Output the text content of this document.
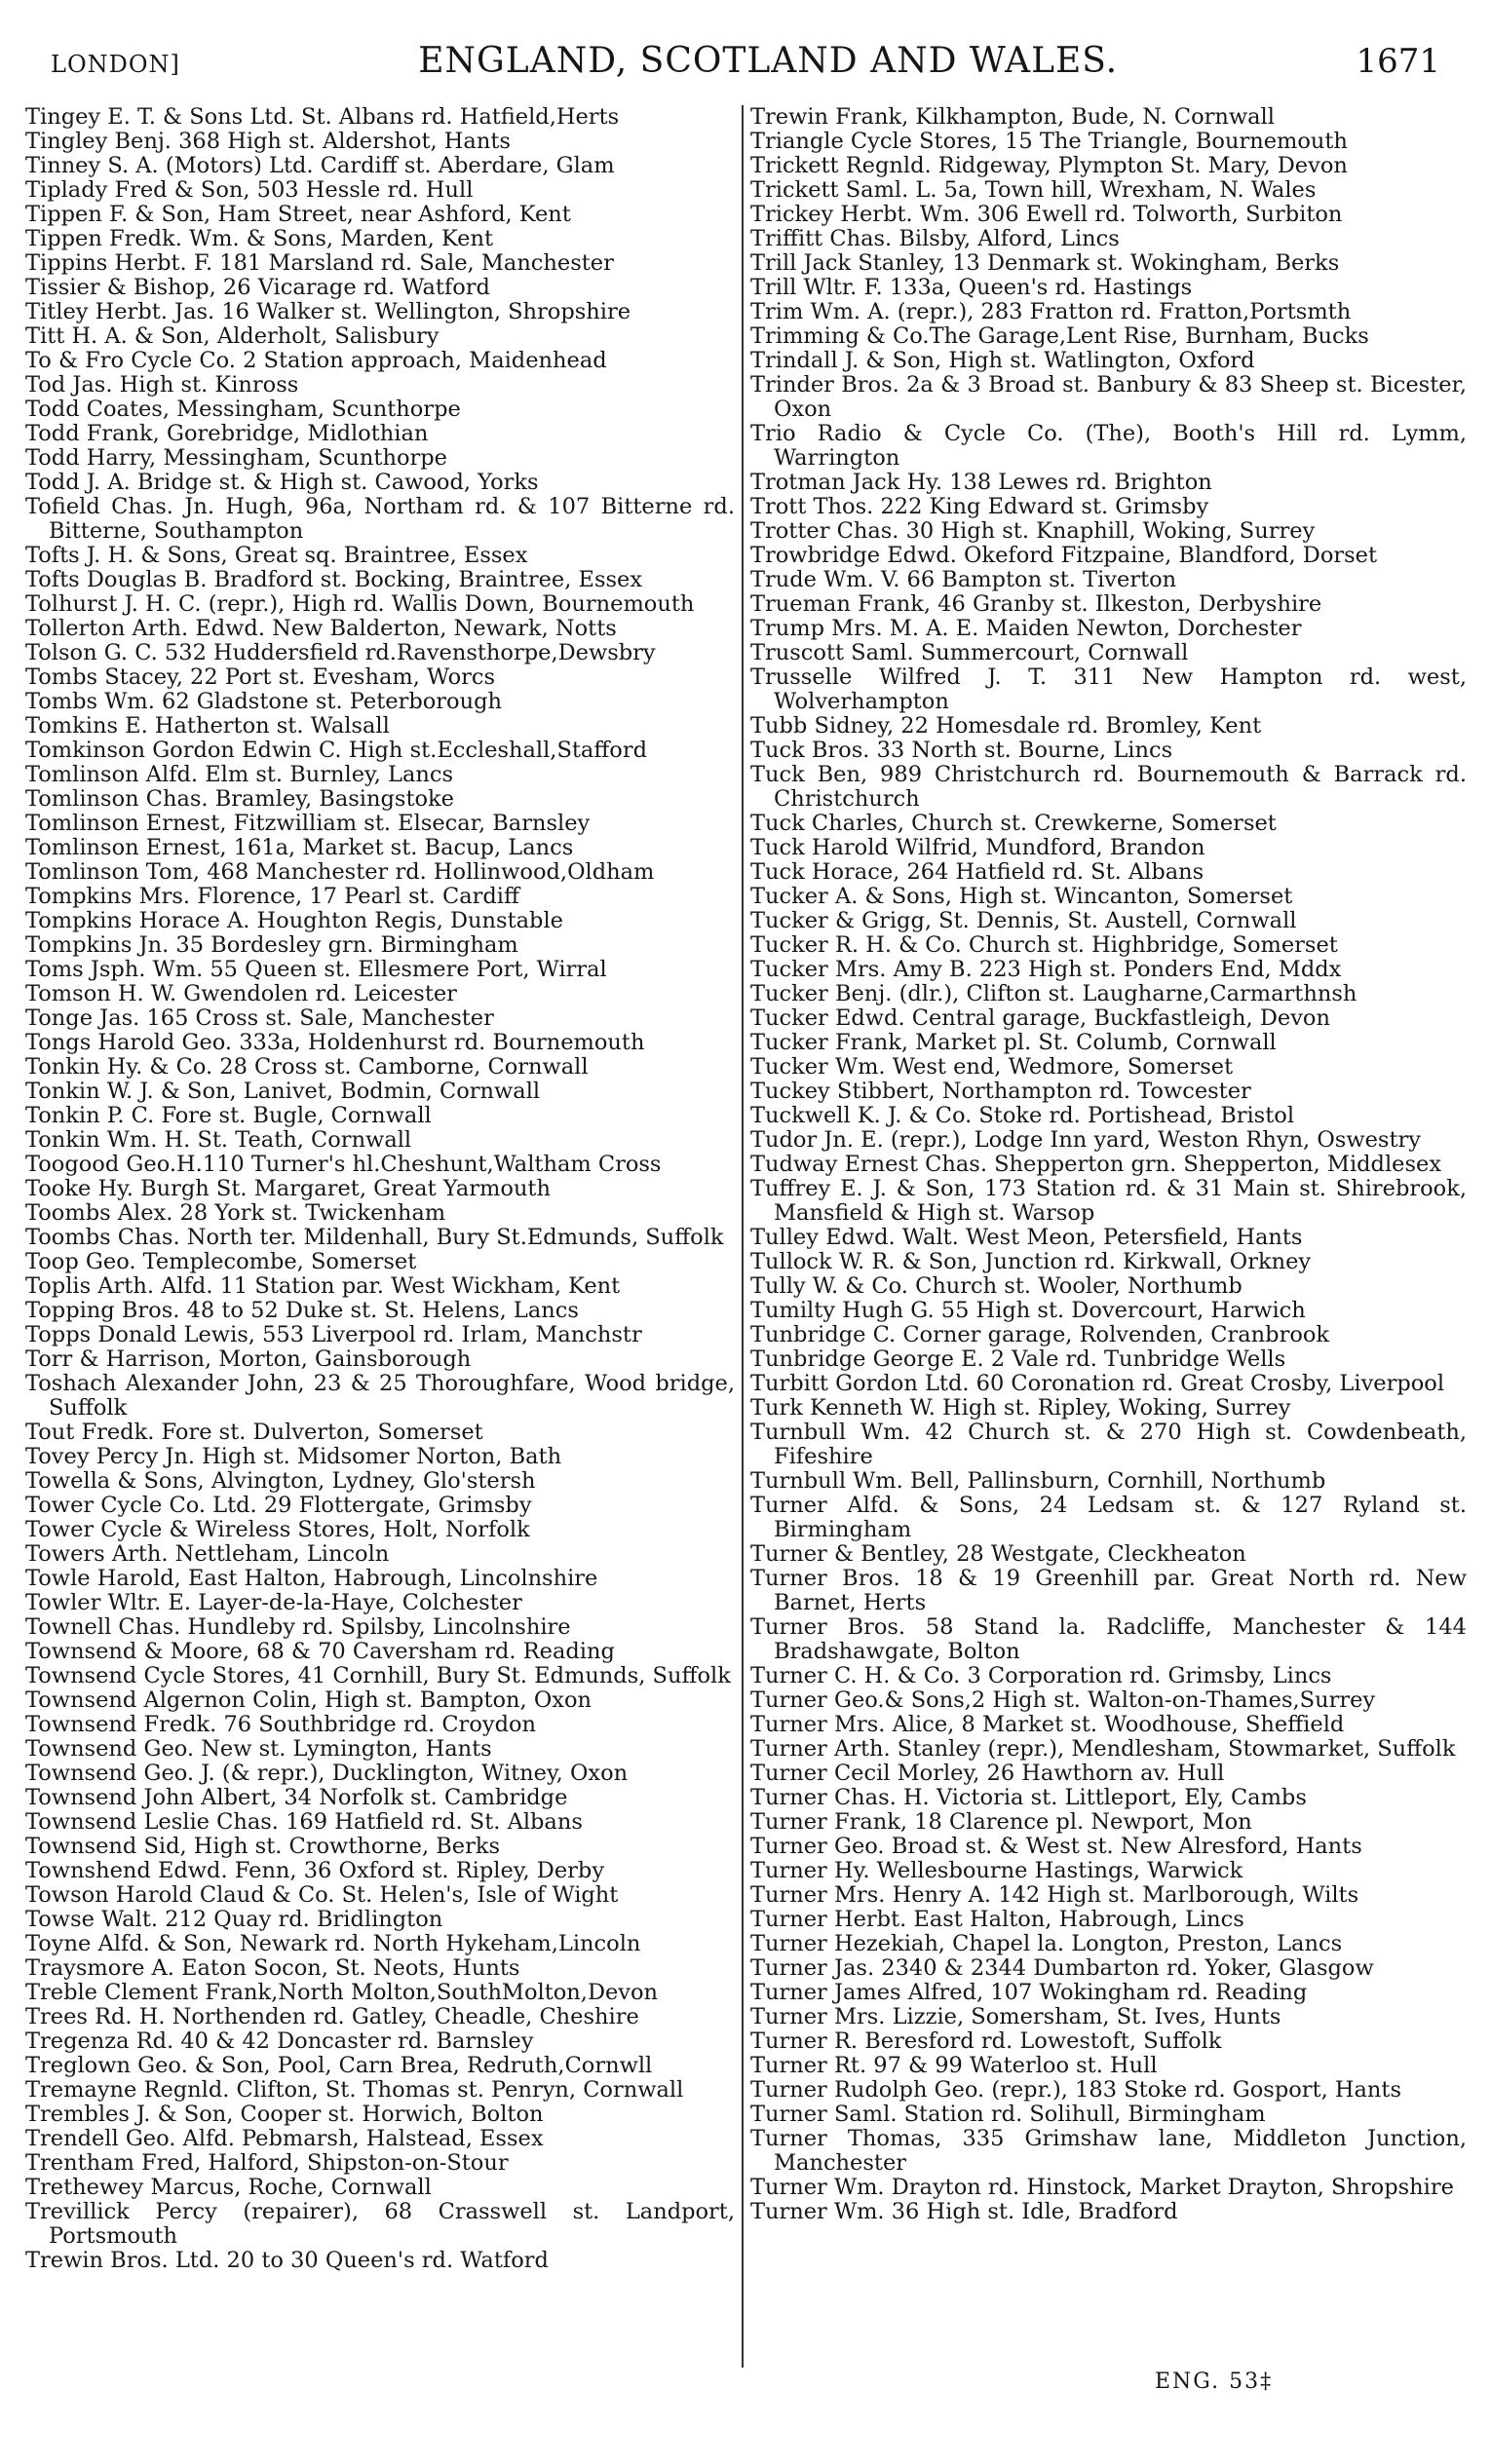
LONDON]	ENGLAND, SCOTLAND AND WALES.	1671
Tingey E. T. & Sons Ltd. St. Albans rd. Hatfield,Herts
Tingley Benj. 368 High st. Aldershot, Hants
Tinney S. A. (Motors) Ltd. Cardiff st. Aberdare, Glam
Tiplady Fred & Son, 503 Hessle rd. Hull
Tippen F. & Son, Ham Street, near Ashford, Kent
Tippen Fredk. Wm. & Sons, Marden, Kent
Tippins Herbt. F. 181 Marsland rd. Sale, Manchester
Tissier & Bishop, 26 Vicarage rd. Watford
Titley Herbt. Jas. 16 Walker st. Wellington, Shropshire
Titt H. A. & Son, Alderholt, Salisbury
To & Fro Cycle Co. 2 Station approach, Maidenhead
Tod Jas. High st. Kinross
Todd Coates, Messingham, Scunthorpe
Todd Frank, Gorebridge, Midlothian
Todd Harry, Messingham, Scunthorpe
Todd J. A. Bridge st. & High st. Cawood, Yorks
Tofield Chas. Jn. Hugh, 96a, Northam rd. & 107 Bitterne rd. Bitterne, Southampton
Tofts J. H. & Sons, Great sq. Braintree, Essex
Tofts Douglas B. Bradford st. Bocking, Braintree, Essex
Tolhurst J. H. C. (repr.), High rd. Wallis Down, Bournemouth
Tollerton Arth. Edwd. New Balderton, Newark, Notts
Tolson G. C. 532 Huddersfield rd.Ravensthorpe,Dewsbry
Tombs Stacey, 22 Port st. Evesham, Worcs
Tombs Wm. 62 Gladstone st. Peterborough
Tomkins E. Hatherton st. Walsall
Tomkinson Gordon Edwin C. High st.Eccleshall,Stafford
Tomlinson Alfd. Elm st. Burnley, Lancs
Tomlinson Chas. Bramley, Basingstoke
Tomlinson Ernest, Fitzwilliam st. Elsecar, Barnsley
Tomlinson Ernest, 161a, Market st. Bacup, Lancs
Tomlinson Tom, 468 Manchester rd. Hollinwood,Oldham
Tompkins Mrs. Florence, 17 Pearl st. Cardiff
Tompkins Horace A. Houghton Regis, Dunstable
Tompkins Jn. 35 Bordesley grn. Birmingham
Toms Jsph. Wm. 55 Queen st. Ellesmere Port, Wirral
Tomson H. W. Gwendolen rd. Leicester
Tonge Jas. 165 Cross st. Sale, Manchester
Tongs Harold Geo. 333a, Holdenhurst rd. Bournemouth
Tonkin Hy. & Co. 28 Cross st. Camborne, Cornwall
Tonkin W. J. & Son, Lanivet, Bodmin, Cornwall
Tonkin P. C. Fore st. Bugle, Cornwall
Tonkin Wm. H. St. Teath, Cornwall
Toogood Geo.H.110 Turner's hl.Cheshunt,Waltham Cross
Tooke Hy. Burgh St. Margaret, Great Yarmouth
Toombs Alex. 28 York st. Twickenham
Toombs Chas. North ter. Mildenhall, Bury St.Edmunds, Suffolk
Toop Geo. Templecombe, Somerset
Toplis Arth. Alfd. 11 Station par. West Wickham, Kent
Topping Bros. 48 to 52 Duke st. St. Helens, Lancs
Topps Donald Lewis, 553 Liverpool rd. Irlam, Manchstr
Torr & Harrison, Morton, Gainsborough
Toshach Alexander John, 23 & 25 Thoroughfare, Wood bridge, Suffolk
Tout Fredk. Fore st. Dulverton, Somerset
Tovey Percy Jn. High st. Midsomer Norton, Bath
Towella & Sons, Alvington, Lydney, Glo'stersh
Tower Cycle Co. Ltd. 29 Flottergate, Grimsby
Tower Cycle & Wireless Stores, Holt, Norfolk
Towers Arth. Nettleham, Lincoln
Towle Harold, East Halton, Habrough, Lincolnshire
Towler Wltr. E. Layer-de-la-Haye, Colchester
Townell Chas. Hundleby rd. Spilsby, Lincolnshire
Townsend & Moore, 68 & 70 Caversham rd. Reading
Townsend Cycle Stores, 41 Cornhill, Bury St. Edmunds, Suffolk
Townsend Algernon Colin, High st. Bampton, Oxon
Townsend Fredk. 76 Southbridge rd. Croydon
Townsend Geo. New st. Lymington, Hants
Townsend Geo. J. (& repr.), Ducklington, Witney, Oxon
Townsend John Albert, 34 Norfolk st. Cambridge
Townsend Leslie Chas. 169 Hatfield rd. St. Albans
Townsend Sid, High st. Crowthorne, Berks
Townshend Edwd. Fenn, 36 Oxford st. Ripley, Derby
Towson Harold Claud & Co. St. Helen's, Isle of Wight
Towse Walt. 212 Quay rd. Bridlington
Toyne Alfd. & Son, Newark rd. North Hykeham,Lincoln
Traysmore A. Eaton Socon, St. Neots, Hunts
Treble Clement Frank,North Molton,SouthMolton,Devon
Trees Rd. H. Northenden rd. Gatley, Cheadle, Cheshire
Tregenza Rd. 40 & 42 Doncaster rd. Barnsley
Treglown Geo. & Son, Pool, Carn Brea, Redruth,Cornwll
Tremayne Regnld. Clifton, St. Thomas st. Penryn, Cornwall
Trembles J. & Son, Cooper st. Horwich, Bolton
Trendell Geo. Alfd. Pebmarsh, Halstead, Essex
Trentham Fred, Halford, Shipston-on-Stour
Trethewey Marcus, Roche, Cornwall
Trevillick Percy (repairer), 68 Crasswell st. Landport, Portsmouth
Trewin Bros. Ltd. 20 to 30 Queen's rd. Watford
Trewin Frank, Kilkhampton, Bude, N. Cornwall
Triangle Cycle Stores, 15 The Triangle, Bournemouth
Trickett Regnld. Ridgeway, Plympton St. Mary, Devon
Trickett Saml. L. 5a, Town hill, Wrexham, N. Wales
Trickey Herbt. Wm. 306 Ewell rd. Tolworth, Surbiton
Triffitt Chas. Bilsby, Alford, Lincs
Trill Jack Stanley, 13 Denmark st. Wokingham, Berks
Trill Wltr. F. 133a, Queen's rd. Hastings
Trim Wm. A. (repr.), 283 Fratton rd. Fratton,Portsmth
Trimming & Co.The Garage,Lent Rise, Burnham, Bucks
Trindall J. & Son, High st. Watlington, Oxford
Trinder Bros. 2a & 3 Broad st. Banbury & 83 Sheep st. Bicester, Oxon
Trio Radio & Cycle Co. (The), Booth's Hill rd. Lymm, Warrington
Trotman Jack Hy. 138 Lewes rd. Brighton
Trott Thos. 222 King Edward st. Grimsby
Trotter Chas. 30 High st. Knaphill, Woking, Surrey
Trowbridge Edwd. Okeford Fitzpaine, Blandford, Dorset
Trude Wm. V. 66 Bampton st. Tiverton
Trueman Frank, 46 Granby st. Ilkeston, Derbyshire
Trump Mrs. M. A. E. Maiden Newton, Dorchester
Truscott Saml. Summercourt, Cornwall
Trusselle Wilfred J. T. 311 New Hampton rd. west, Wolverhampton
Tubb Sidney, 22 Homesdale rd. Bromley, Kent
Tuck Bros. 33 North st. Bourne, Lincs
Tuck Ben, 989 Christchurch rd. Bournemouth & Barrack rd. Christchurch
Tuck Charles, Church st. Crewkerne, Somerset
Tuck Harold Wilfrid, Mundford, Brandon
Tuck Horace, 264 Hatfield rd. St. Albans
Tucker A. & Sons, High st. Wincanton, Somerset
Tucker & Grigg, St. Dennis, St. Austell, Cornwall
Tucker R. H. & Co. Church st. Highbridge, Somerset
Tucker Mrs. Amy B. 223 High st. Ponders End, Mddx
Tucker Benj. (dlr.), Clifton st. Laugharne,Carmarthnsh
Tucker Edwd. Central garage, Buckfastleigh, Devon
Tucker Frank, Market pl. St. Columb, Cornwall
Tucker Wm. West end, Wedmore, Somerset
Tuckey Stibbert, Northampton rd. Towcester
Tuckwell K. J. & Co. Stoke rd. Portishead, Bristol
Tudor Jn. E. (repr.), Lodge Inn yard, Weston Rhyn, Oswestry
Tudway Ernest Chas. Shepperton grn. Shepperton, Middlesex
Tuffrey E. J. & Son, 173 Station rd. & 31 Main st. Shirebrook, Mansfield & High st. Warsop
Tulley Edwd. Walt. West Meon, Petersfield, Hants
Tullock W. R. & Son, Junction rd. Kirkwall, Orkney
Tully W. & Co. Church st. Wooler, Northumb
Tumilty Hugh G. 55 High st. Dovercourt, Harwich
Tunbridge C. Corner garage, Rolvenden, Cranbrook
Tunbridge George E. 2 Vale rd. Tunbridge Wells
Turbitt Gordon Ltd. 60 Coronation rd. Great Crosby, Liverpool
Turk Kenneth W. High st. Ripley, Woking, Surrey
Turnbull Wm. 42 Church st. & 270 High st. Cowdenbeath, Fifeshire
Turnbull Wm. Bell, Pallinsburn, Cornhill, Northumb
Turner Alfd. & Sons, 24 Ledsam st. & 127 Ryland st. Birmingham
Turner & Bentley, 28 Westgate, Cleckheaton
Turner Bros. 18 & 19 Greenhill par. Great North rd. New Barnet, Herts
Turner Bros. 58 Stand la. Radcliffe, Manchester & 144 Bradshawgate, Bolton
Turner C. H. & Co. 3 Corporation rd. Grimsby, Lincs
Turner Geo.& Sons,2 High st. Walton-on-Thames,Surrey
Turner Mrs. Alice, 8 Market st. Woodhouse, Sheffield
Turner Arth. Stanley (repr.), Mendlesham, Stowmarket, Suffolk
Turner Cecil Morley, 26 Hawthorn av. Hull
Turner Chas. H. Victoria st. Littleport, Ely, Cambs
Turner Frank, 18 Clarence pl. Newport, Mon
Turner Geo. Broad st. & West st. New Alresford, Hants
Turner Hy. Wellesbourne Hastings, Warwick
Turner Mrs. Henry A. 142 High st. Marlborough, Wilts
Turner Herbt. East Halton, Habrough, Lincs
Turner Hezekiah, Chapel la. Longton, Preston, Lancs
Turner Jas. 2340 & 2344 Dumbarton rd. Yoker, Glasgow
Turner James Alfred, 107 Wokingham rd. Reading
Turner Mrs. Lizzie, Somersham, St. Ives, Hunts
Turner R. Beresford rd. Lowestoft, Suffolk
Turner Rt. 97 & 99 Waterloo st. Hull
Turner Rudolph Geo. (repr.), 183 Stoke rd. Gosport, Hants
Turner Saml. Station rd. Solihull, Birmingham
Turner Thomas, 335 Grimshaw lane, Middleton Junction, Manchester
Turner Wm. Drayton rd. Hinstock, Market Drayton, Shropshire
Turner Wm. 36 High st. Idle, Bradford
ENG. 53‡
